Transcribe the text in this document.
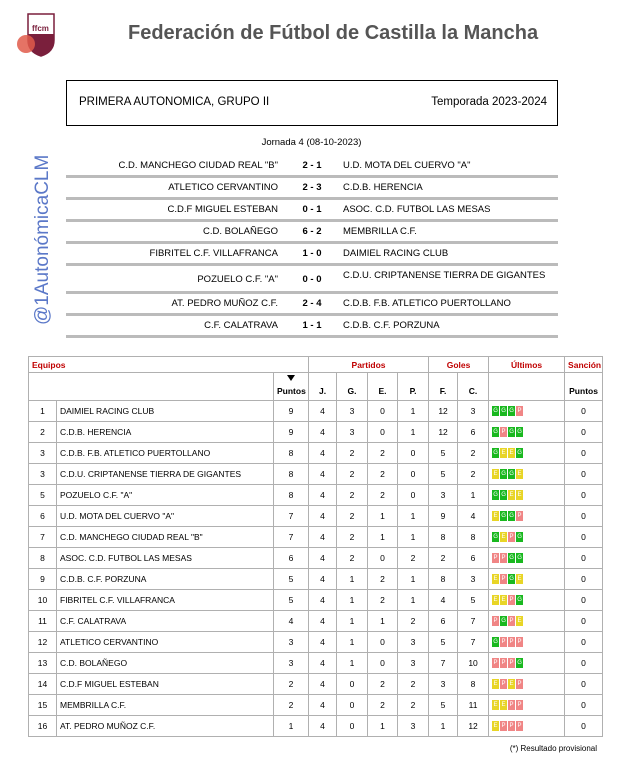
ffcm	Federación de Fútbol de Castilla la Mancha
PRIMERA AUTONOMICA, GRUPO II	Temporada 2023-2024
@1AutonómicaCLM
Jornada 4 (08-10-2023)
C.D. MANCHEGO CIUDAD REAL "B"	2 - 1	U.D. MOTA DEL CUERVO "A"
ATLETICO CERVANTINO	2 - 3	C.D.B. HERENCIA
C.D.F MIGUEL ESTEBAN	0 - 1	ASOC. C.D. FUTBOL LAS MESAS
C.D. BOLAÑEGO	6 - 2	MEMBRILLA C.F.
FIBRITEL C.F. VILLAFRANCA	1 - 0	DAIMIEL RACING CLUB
POZUELO C.F. "A"	0 - 0	C.D.U. CRIPTANENSE TIERRA DE GIGANTES
AT. PEDRO MUÑOZ C.F.	2 - 4	C.D.B. F.B. ATLETICO PUERTOLLANO
C.F. CALATRAVA	1 - 1	C.D.B. C.F. PORZUNA
Equipos			Partidos				Goles		Últimos	Sanción

Puntos	J.	G.	E.	P.	F.	C.		Puntos
1	DAIMIEL RACING CLUB	9	4	3	0	1	12	3	G G G P	0
2	C.D.B. HERENCIA	9	4	3	0	1	12	6	G P G G	0
3	C.D.B. F.B. ATLETICO PUERTOLLANO	8	4	2	2	0	5	2	G E E G	0
3	C.D.U. CRIPTANENSE TIERRA DE GIGANTES	8	4	2	2	0	5	2	E G G E	0
5	POZUELO C.F. "A"	8	4	2	2	0	3	1	G G E E	0
6	U.D. MOTA DEL CUERVO "A"	7	4	2	1	1	9	4	E G G P	0
7	C.D. MANCHEGO CIUDAD REAL "B"	7	4	2	1	1	8	8	G E P G	0
8	ASOC. C.D. FUTBOL LAS MESAS	6	4	2	0	2	2	6	P P G G	0
9	C.D.B. C.F. PORZUNA	5	4	1	2	1	8	3	E P G E	0
10	FIBRITEL C.F. VILLAFRANCA	5	4	1	2	1	4	5	E E P G	0
11	C.F. CALATRAVA	4	4	1	1	2	6	7	P G P E	0
12	ATLETICO CERVANTINO	3	4	1	0	3	5	7	G P P P	0
13	C.D. BOLAÑEGO	3	4	1	0	3	7	10	P P P G	0
14	C.D.F MIGUEL ESTEBAN	2	4	0	2	2	3	8	E P E P	0
15	MEMBRILLA C.F.	2	4	0	2	2	5	11	E E P P	0
16	AT. PEDRO MUÑOZ C.F.	1	4	0	1	3	1	12	E P P P	0
(*) Resultado provisional
